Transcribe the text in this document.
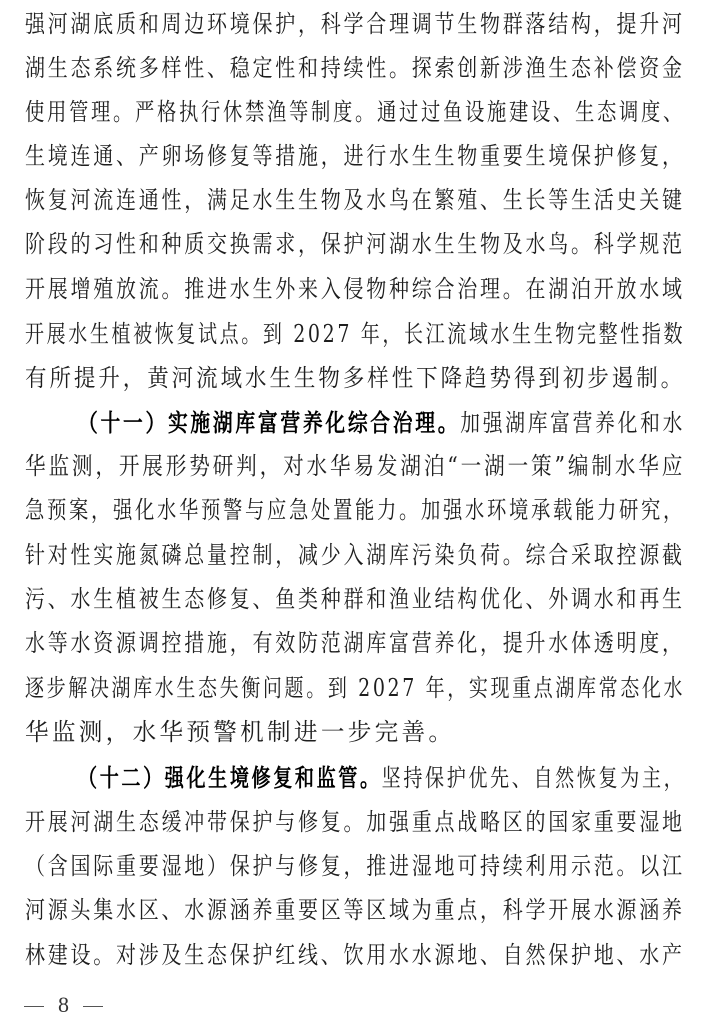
强河湖底质和周边环境保护，科学合理调节生物群落结构，提升河
湖生态系统多样性、稳定性和持续性。探索创新涉渔生态补偿资金
使用管理。严格执行休禁渔等制度。通过过鱼设施建设、生态调度、
生境连通、产卵场修复等措施，进行水生生物重要生境保护修复，
恢复河流连通性，满足水生生物及水鸟在繁殖、生长等生活史关键
阶段的习性和种质交换需求，保护河湖水生生物及水鸟。科学规范
开展增殖放流。推进水生外来入侵物种综合治理。在湖泊开放水域
开展水生植被恢复试点。到 2027 年，长江流域水生生物完整性指数
有所提升，黄河流域水生生物多样性下降趋势得到初步遏制。
（十一）实施湖库富营养化综合治理。加强湖库富营养化和水
华监测，开展形势研判，对水华易发湖泊“一湖一策”编制水华应
急预案，强化水华预警与应急处置能力。加强水环境承载能力研究，
针对性实施氮磷总量控制，减少入湖库污染负荷。综合采取控源截
污、水生植被生态修复、鱼类种群和渔业结构优化、外调水和再生
水等水资源调控措施，有效防范湖库富营养化，提升水体透明度，
逐步解决湖库水生态失衡问题。到 2027 年，实现重点湖库常态化水
华监测，水华预警机制进一步完善。
（十二）强化生境修复和监管。坚持保护优先、自然恢复为主，
开展河湖生态缓冲带保护与修复。加强重点战略区的国家重要湿地
（含国际重要湿地）保护与修复，推进湿地可持续利用示范。以江
河源头集水区、水源涵养重要区等区域为重点，科学开展水源涵养
林建设。对涉及生态保护红线、饮用水水源地、自然保护地、水产
8
